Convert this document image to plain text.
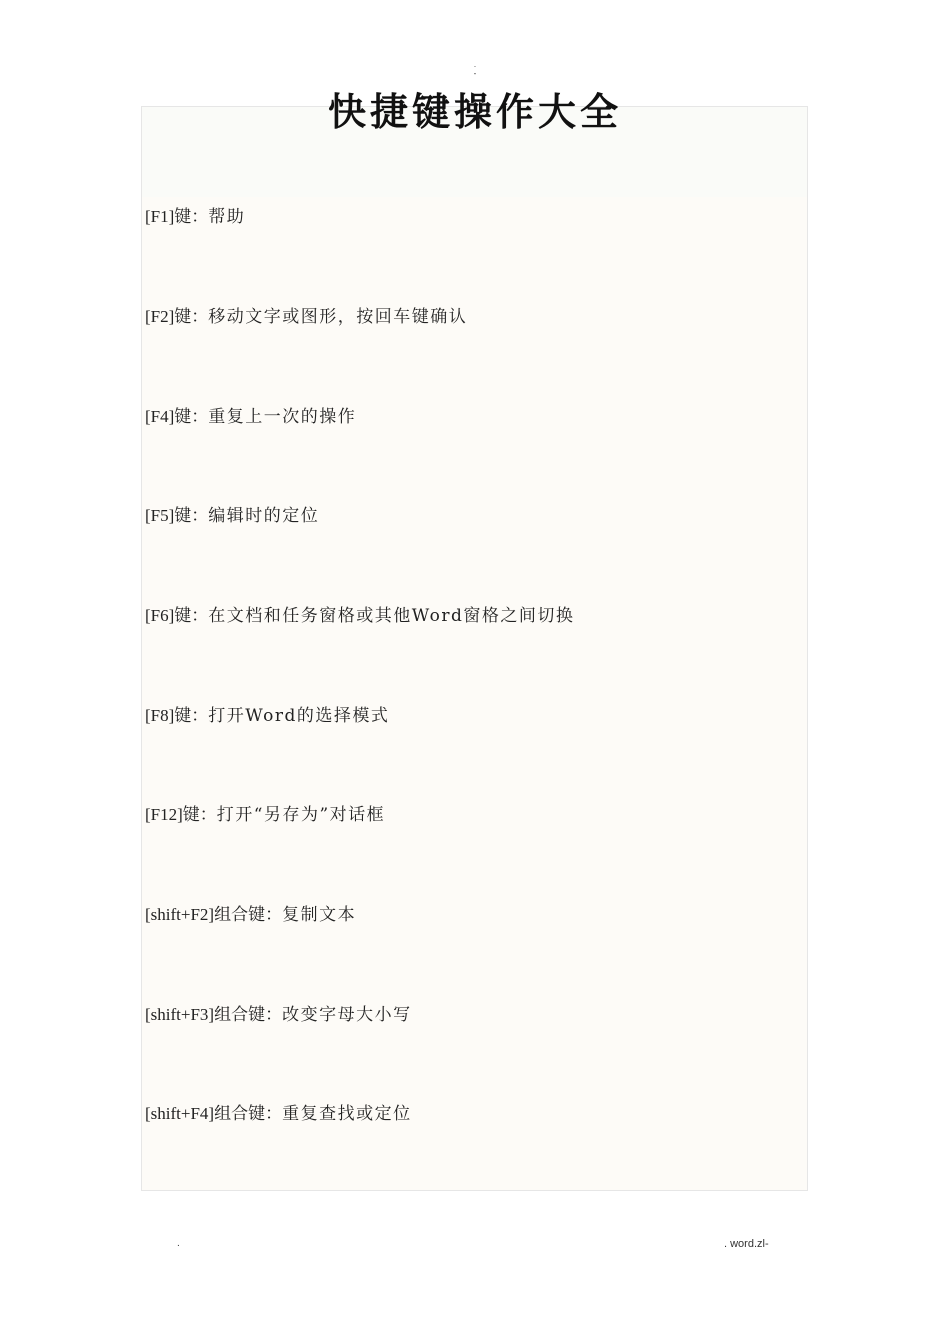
.
-
快捷键操作大全
[F1]键：帮助
[F2]键：移动文字或图形，按回车键确认
[F4]键：重复上一次的操作
[F5]键：编辑时的定位
[F6]键：在文档和任务窗格或其他Word窗格之间切换
[F8]键：打开Word的选择模式
[F12]键：打开“另存为”对话框
[shift+F2]组合键：复制文本
[shift+F3]组合键：改变字母大小写
[shift+F4]组合键：重复查找或定位
.	. word.zl-
